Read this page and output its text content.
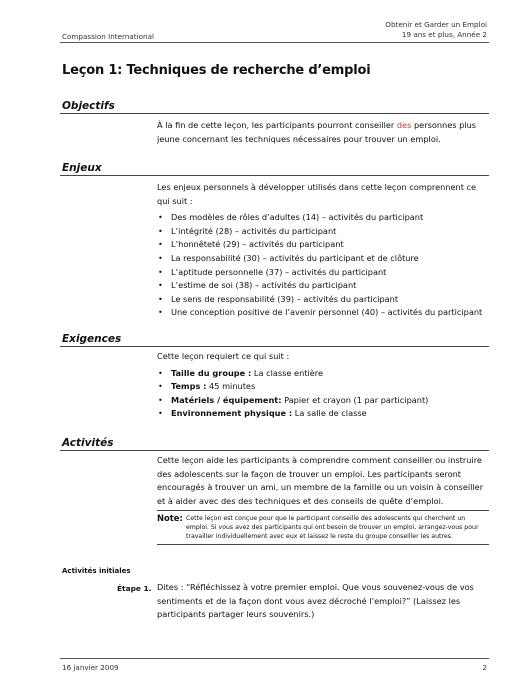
Compassion International
Obtenir et Garder un Emploi
19 ans et plus, Année 2
Leçon 1: Techniques de recherche d’emploi
Objectifs

À la fin de cette leçon, les participants pourront conseiller des personnes plus jeune concernant les techniques nécessaires pour trouver un emploi.

Enjeux

Les enjeux personnels à développer utilisés dans cette leçon comprennent ce qui suit :

• Des modèles de rôles d’adultes (14) – activités du participant
• L’intégrité (28) – activités du participant
• L’honnêteté (29) – activités du participant
• La responsabilité (30) – activités du participant et de clôture
• L’aptitude personnelle (37) – activités du participant
• L’estime de soi (38) – activités du participant
• Le sens de responsabilité (39) – activités du participant
• Une conception positive de l’avenir personnel (40) – activités du participant
Exigences

Cette leçon requiert ce qui suit :

• Taille du groupe : La classe entière
• Temps : 45 minutes
• Matériels / équipement: Papier et crayon (1 par participant)
• Environnement physique : La salle de classe
Activités

Cette leçon aide les participants à comprendre comment conseiller ou instruire des adolescents sur la façon de trouver un emploi. Les participants seront encouragés à trouver un ami, un membre de la famille ou un voisin à conseiller et à aider avec des des techniques et des conseils de quête d’emploi.

Note: Cette leçon est conçue pour que le participant conseille des adolescents qui cherchent un emploi. Si vous avez des participants qui ont besoin de trouver un emploi, arrangez-vous pour travailler individuellement avec eux et laissez le reste du groupe conseiller les autres.
Activités initiales
Étape 1. Dites : “Réfléchissez à votre premier emploi. Que vous souvenez-vous de vos sentiments et de la façon dont vous avez décroché l’emploi?” (Laissez les participants partager leurs souvenirs.)
16 janvier 2009	2
